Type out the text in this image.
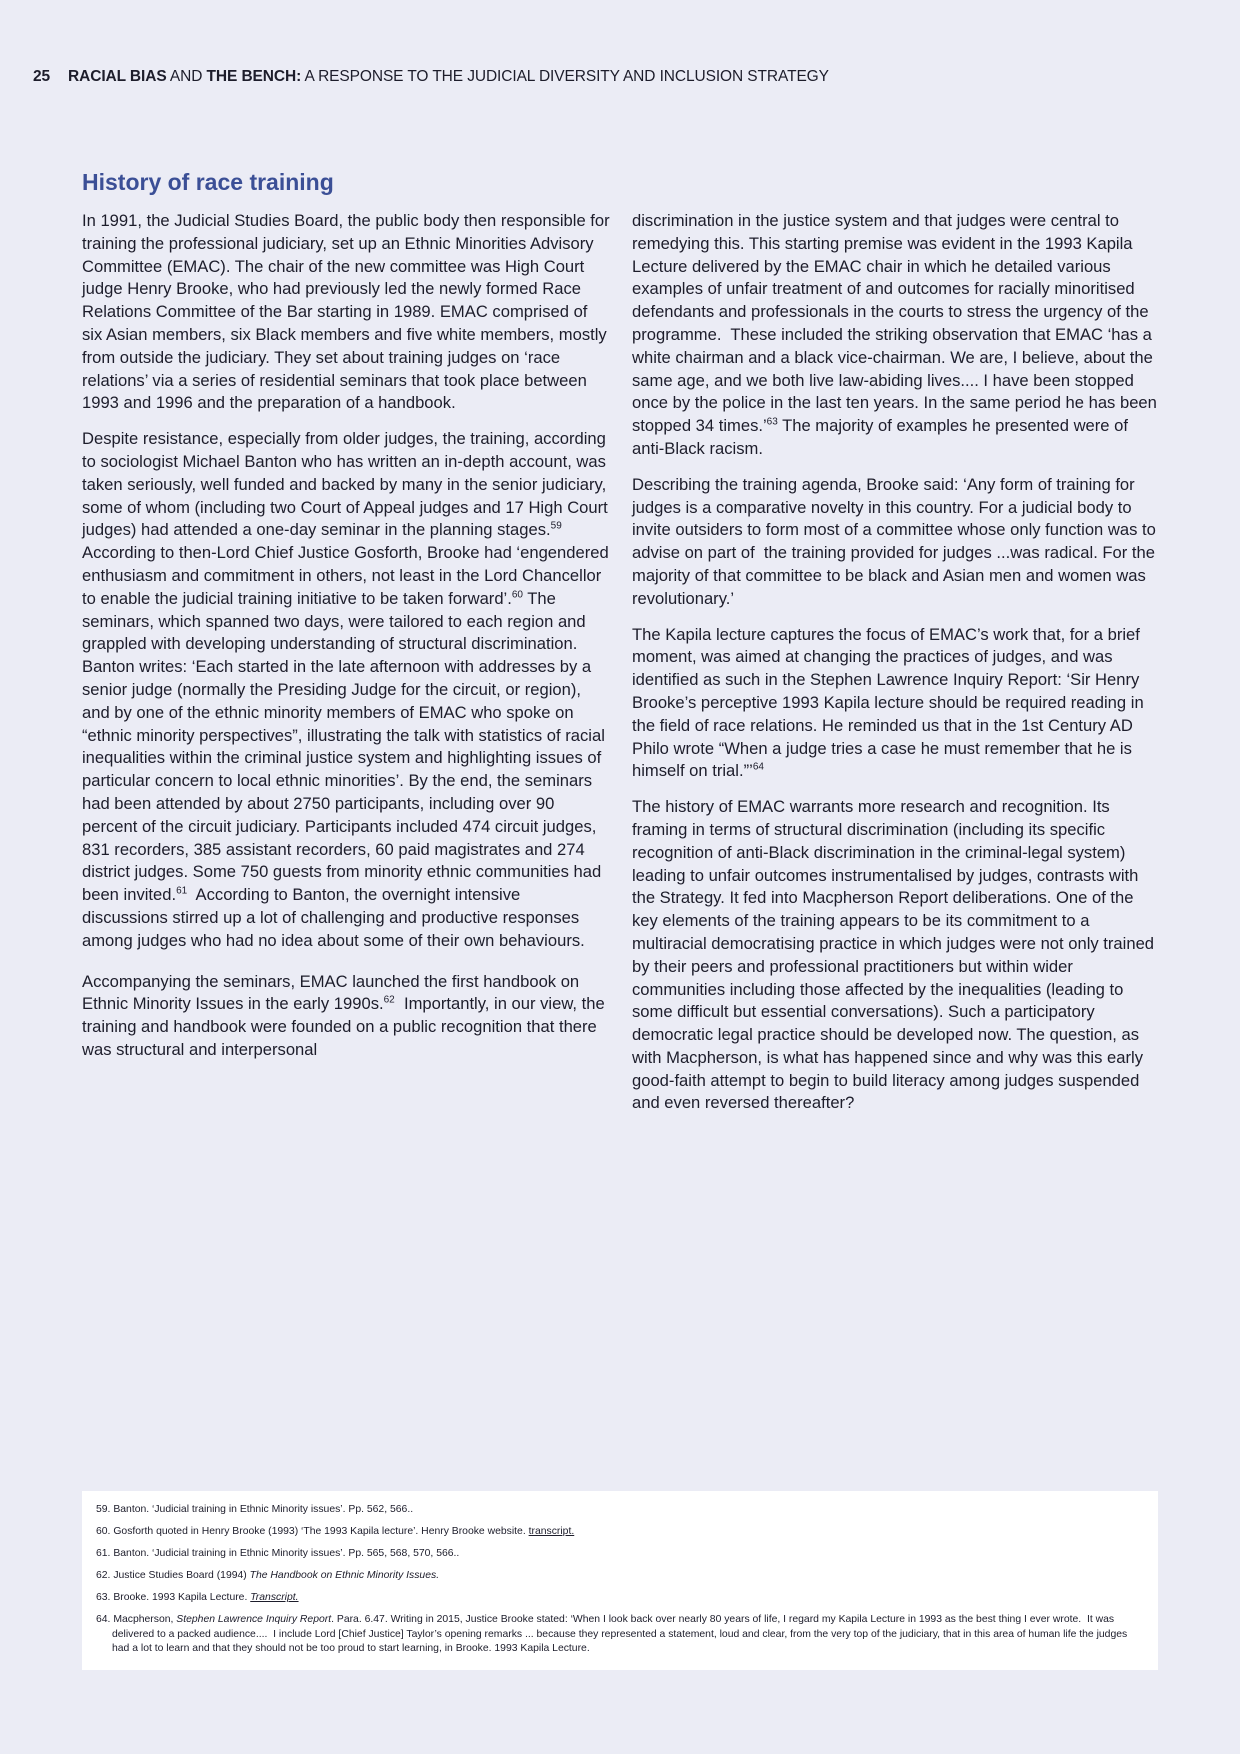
25 RACIAL BIAS AND THE BENCH: A RESPONSE TO THE JUDICIAL DIVERSITY AND INCLUSION STRATEGY
History of race training

In 1991, the Judicial Studies Board, the public body then responsible for training the professional judiciary, set up an Ethnic Minorities Advisory Committee (EMAC). The chair of the new committee was High Court judge Henry Brooke, who had previously led the newly formed Race Relations Committee of the Bar starting in 1989. EMAC comprised of six Asian members, six Black members and five white members, mostly from outside the judiciary. They set about training judges on ‘race relations’ via a series of residential seminars that took place between 1993 and 1996 and the preparation of a handbook.

Despite resistance, especially from older judges, the training, according to sociologist Michael Banton who has written an in-depth account, was taken seriously, well funded and backed by many in the senior judiciary, some of whom (including two Court of Appeal judges and 17 High Court judges) had attended a one-day seminar in the planning stages.$^{59}$ According to then-Lord Chief Justice Gosforth, Brooke had ‘engendered enthusiasm and commitment in others, not least in the Lord Chancellor to enable the judicial training initiative to be taken forward’.$^{60}$ The seminars, which spanned two days, were tailored to each region and grappled with developing understanding of structural discrimination. Banton writes: ‘Each started in the late afternoon with addresses by a senior judge (normally the Presiding Judge for the circuit, or region), and by one of the ethnic minority members of EMAC who spoke on “ethnic minority perspectives”, illustrating the talk with statistics of racial inequalities within the criminal justice system and highlighting issues of particular concern to local ethnic minorities’. By the end, the seminars had been attended by about 2750 participants, including over 90 percent of the circuit judiciary. Participants included 474 circuit judges, 831 recorders, 385 assistant recorders, 60 paid magistrates and 274 district judges. Some 750 guests from minority ethnic communities had been invited.$^{61}$  According to Banton, the overnight intensive discussions stirred up a lot of challenging and productive responses among judges who had no idea about some of their own behaviours.

Accompanying the seminars, EMAC launched the first handbook on Ethnic Minority Issues in the early 1990s.$^{62}$  Importantly, in our view, the training and handbook were founded on a public recognition that there was structural and interpersonal

discrimination in the justice system and that judges were central to remedying this. This starting premise was evident in the 1993 Kapila Lecture delivered by the EMAC chair in which he detailed various examples of unfair treatment of and outcomes for racially minoritised defendants and professionals in the courts to stress the urgency of the programme.  These included the striking observation that EMAC ‘has a white chairman and a black vice-chairman. We are, I believe, about the same age, and we both live law-abiding lives.... I have been stopped once by the police in the last ten years. In the same period he has been stopped 34 times.’$^{63}$ The majority of examples he presented were of anti-Black racism.

Describing the training agenda, Brooke said: ‘Any form of training for judges is a comparative novelty in this country. For a judicial body to invite outsiders to form most of a committee whose only function was to advise on part of  the training provided for judges ...was radical. For the majority of that committee to be black and Asian men and women was revolutionary.’

The Kapila lecture captures the focus of EMAC’s work that, for a brief moment, was aimed at changing the practices of judges, and was identified as such in the Stephen Lawrence Inquiry Report: ‘Sir Henry Brooke’s perceptive 1993 Kapila lecture should be required reading in the field of race relations. He reminded us that in the 1st Century AD Philo wrote “When a judge tries a case he must remember that he is himself on trial.”’$^{64}$

The history of EMAC warrants more research and recognition. Its framing in terms of structural discrimination (including its specific recognition of anti-Black discrimination in the criminal-legal system) leading to unfair outcomes instrumentalised by judges, contrasts with the Strategy. It fed into Macpherson Report deliberations. One of the key elements of the training appears to be its commitment to a multiracial democratising practice in which judges were not only trained by their peers and professional practitioners but within wider communities including those affected by the inequalities (leading to some difficult but essential conversations). Such a participatory democratic legal practice should be developed now. The question, as with Macpherson, is what has happened since and why was this early good-faith attempt to begin to build literacy among judges suspended and even reversed thereafter?

59. Banton. ‘Judicial training in Ethnic Minority issues’. Pp. 562, 566..
60. Gosforth quoted in Henry Brooke (1993) ‘The 1993 Kapila lecture’. Henry Brooke website. transcript.
61. Banton. ‘Judicial training in Ethnic Minority issues’. Pp. 565, 568, 570, 566..
62. Justice Studies Board (1994) The Handbook on Ethnic Minority Issues.
63. Brooke. 1993 Kapila Lecture. Transcript.
64. Macpherson, Stephen Lawrence Inquiry Report. Para. 6.47. Writing in 2015, Justice Brooke stated: ‘When I look back over nearly 80 years of life, I regard my Kapila Lecture in 1993 as the best thing I ever wrote.  It was delivered to a packed audience....  I include Lord [Chief Justice] Taylor’s opening remarks ... because they represented a statement, loud and clear, from the very top of the judiciary, that in this area of human life the judges had a lot to learn and that they should not be too proud to start learning, in Brooke. 1993 Kapila Lecture.
